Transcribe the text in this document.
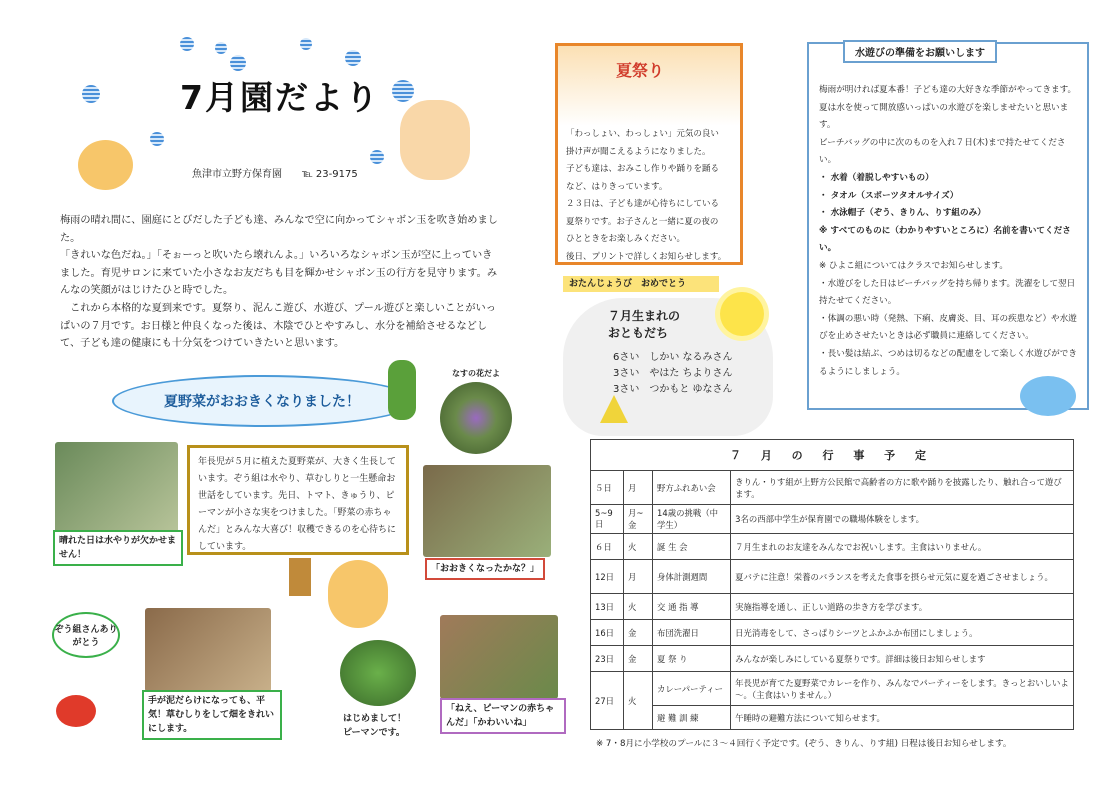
7月園だより
魚津市立野方保育園　　℡ 23-9175

梅雨の晴れ間に、園庭にとびだした子ども達、みんなで空に向かってシャボン玉を吹き始めました。

「きれいな色だね。」「そぉーっと吹いたら壊れんよ。」いろいろなシャボン玉が空に上っていきました。育児サロンに来ていた小さなお友だちも目を輝かせシャボン玉の行方を見守ります。みんなの笑顔がはじけたひと時でした。

　これから本格的な夏到来です。夏祭り、泥んこ遊び、水遊び、プール遊びと楽しいことがいっぱいの７月です。お日様と仲良くなった後は、木陰でひとやすみし、水分を補給させるなどして、子ども達の健康にも十分気をつけていきたいと思います。

夏野菜がおおきくなりました！
なすの花だよ
晴れた日は水やりが欠かせません！
年長児が５月に植えた夏野菜が、大きく生長しています。ぞう組は水やり、草むしりと一生懸命お世話をしています。先日、トマト、きゅうり、ピーマンが小さな実をつけました。「野菜の赤ちゃんだ」とみんな大喜び！収穫できるのを心待ちにしています。
「おおきくなったかな？」
ぞう組さんありがとう
手が泥だらけになっても、平気！草むしりをして畑をきれいにします。
はじめまして！ピーマンです。
「ねえ、ピーマンの赤ちゃんだ」「かわいいね」
夏祭り
「わっしょい、わっしょい」元気の良い
掛け声が聞こえるようになりました。
子ども達は、おみこし作りや踊りを踊る
など、はりきっています。
２３日は、子ども達が心待ちにしている
夏祭りです。お子さんと一緒に夏の夜の
ひとときをお楽しみください。
後日、プリントで詳しくお知らせします。
おたんじょうび　おめでとう
７月生まれの
おともだち
6さい　しかい なるみさん
3さい　やはた ちよりさん
3さい　つかもと ゆなさん
水遊びの準備をお願いします

梅雨が明ければ夏本番！子ども達の大好きな季節がやってきます。夏は水を使って開放感いっぱいの水遊びを楽しませたいと思います。

ビーチバッグの中に次のものを入れ７日(木)まで持たせてください。

・ 水着（着脱しやすいもの）

・ タオル（スポーツタオルサイズ）

・ 水泳帽子（ぞう、きりん、りす組のみ）

※ すべてのものに（わかりやすいところに）名前を書いてください。

※ ひよこ組についてはクラスでお知らせします。

・水遊びをした日はビーチバッグを持ち帰ります。洗濯をして翌日持たせてください。

・体調の悪い時（発熱、下痢、皮膚炎、目、耳の疾患など）や水遊びを止めさせたいときは必ず職員に連絡してください。

・長い髪は結ぶ、つめは切るなどの配慮をして楽しく水遊びができるようにしましょう。

７ 月 の 行 事 予 定			
５日	月	野方ふれあい会	きりん・りす組が上野方公民館で高齢者の方に歌や踊りを披露したり、触れ合って遊びます。
5~9日	月~金	14歳の挑戦（中学生）	3名の西部中学生が保育園での職場体験をします。
６日	火	誕 生 会	７月生まれのお友達をみんなでお祝いします。主食はいりません。
12日	月	身体計測週間	夏バテに注意！栄養のバランスを考えた食事を摂らせ元気に夏を過ごさせましょう。
13日	火	交 通 指 導	実施指導を通し、正しい道路の歩き方を学びます。
16日	金	布団洗濯日	日光消毒をして、さっぱりシーツとふかふか布団にしましょう。
23日	金	夏 祭 り	みんなが楽しみにしている夏祭りです。詳細は後日お知らせします
27日	火	カレーパーティー	年長児が育てた夏野菜でカレーを作り、みんなでパーティーをします。きっとおいしいよ～。（主食はいりません。）
		避 難 訓 練	午睡時の避難方法について知らせます。
※ 7・8月に小学校のプールに３～４回行く予定です。(ぞう、きりん、りす組) 日程は後日お知らせします。
